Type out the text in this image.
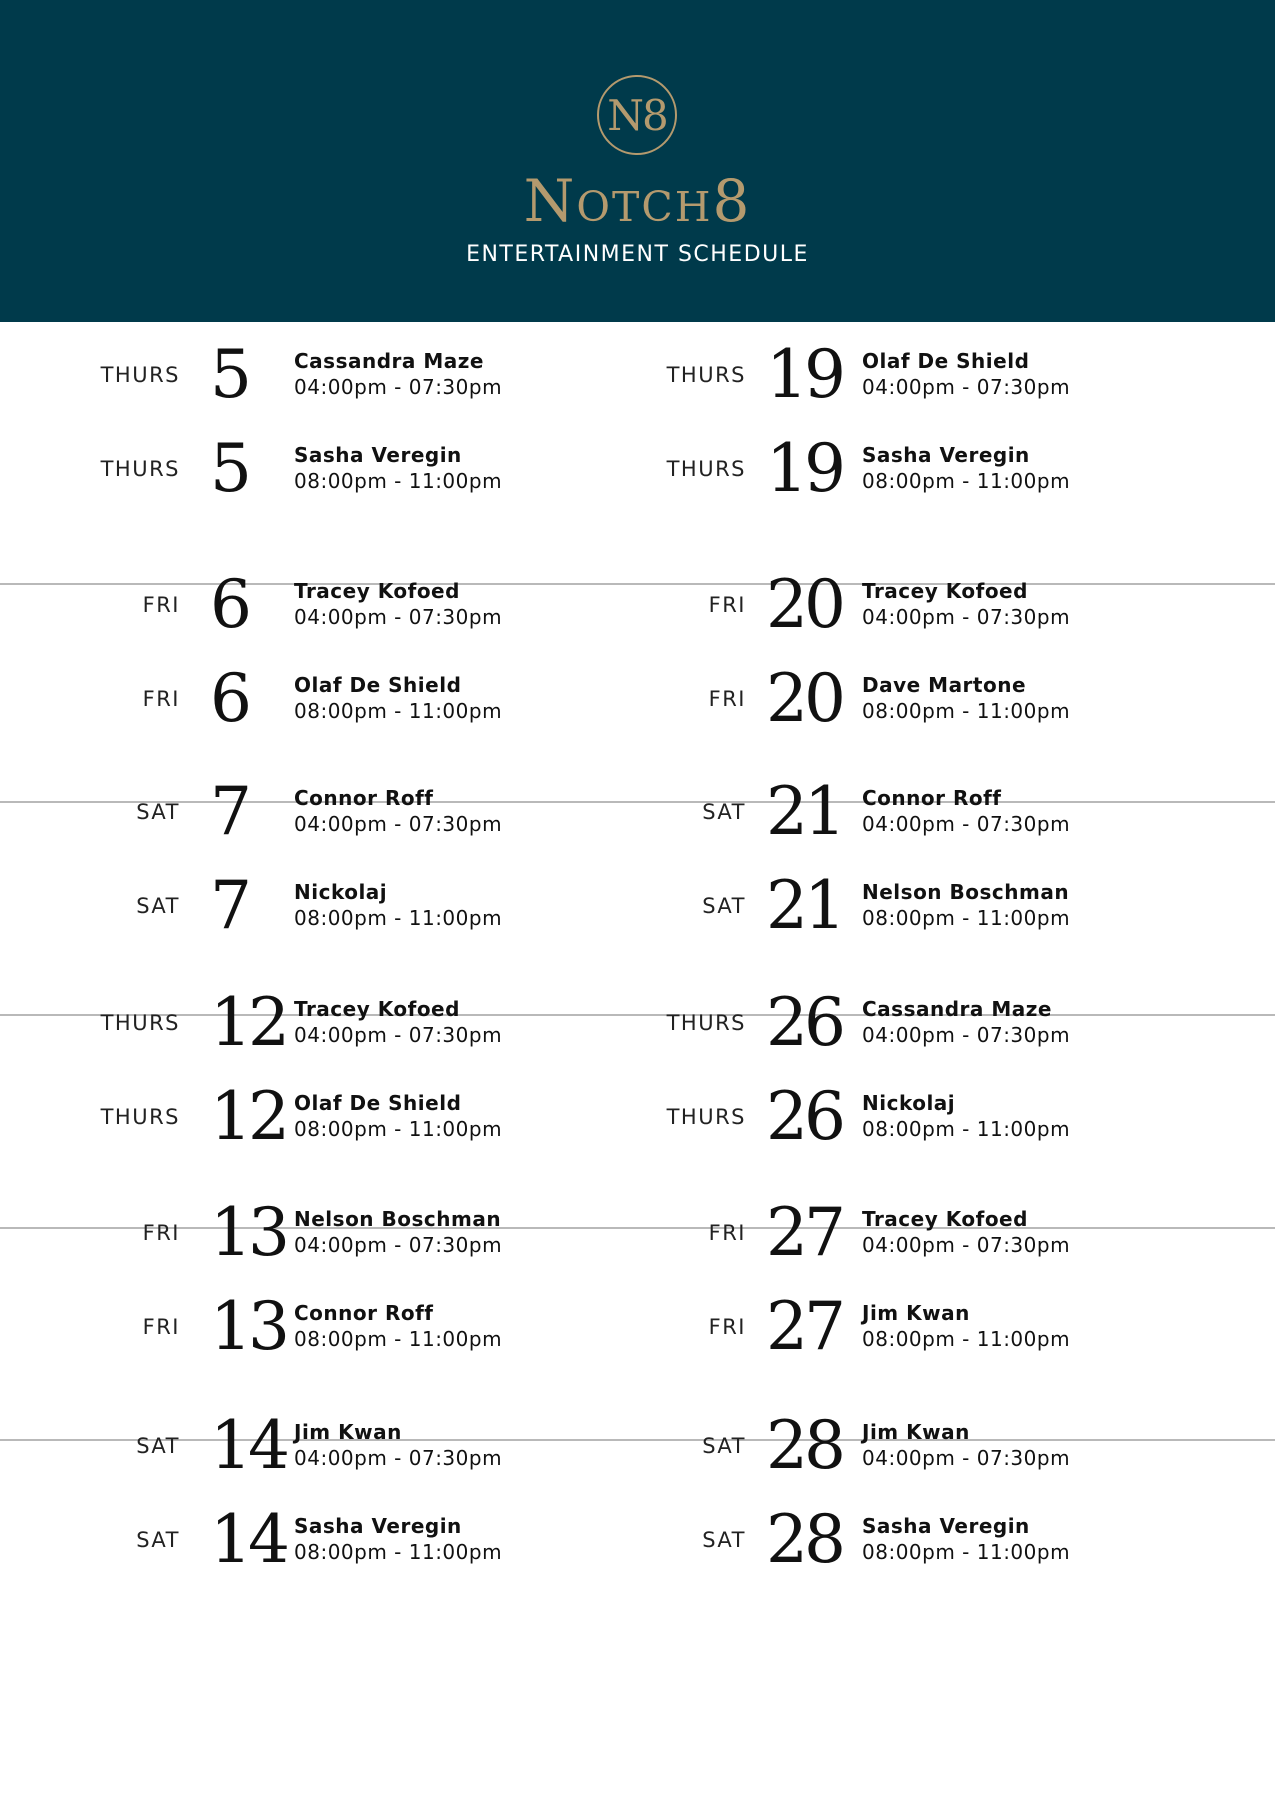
N8
Notch8
ENTERTAINMENT SCHEDULE
THURS 5 Cassandra Maze
04:00pm - 07:30pm
THURS 5 Sasha Veregin
08:00pm - 11:00pm
FRI 6 Tracey Kofoed
04:00pm - 07:30pm
FRI 6 Olaf De Shield
08:00pm - 11:00pm
SAT 7 Connor Roff
04:00pm - 07:30pm
SAT 7 Nickolaj
08:00pm - 11:00pm
THURS 12 Tracey Kofoed
04:00pm - 07:30pm
THURS 12 Olaf De Shield
08:00pm - 11:00pm
FRI 13 Nelson Boschman
04:00pm - 07:30pm
FRI 13 Connor Roff
08:00pm - 11:00pm
SAT 14 Jim Kwan
04:00pm - 07:30pm
SAT 14 Sasha Veregin
08:00pm - 11:00pm
THURS 19 Olaf De Shield
04:00pm - 07:30pm
THURS 19 Sasha Veregin
08:00pm - 11:00pm
FRI 20 Tracey Kofoed
04:00pm - 07:30pm
FRI 20 Dave Martone
08:00pm - 11:00pm
SAT 21 Connor Roff
04:00pm - 07:30pm
SAT 21 Nelson Boschman
08:00pm - 11:00pm
THURS 26 Cassandra Maze
04:00pm - 07:30pm
THURS 26 Nickolaj
08:00pm - 11:00pm
FRI 27 Tracey Kofoed
04:00pm - 07:30pm
FRI 27 Jim Kwan
08:00pm - 11:00pm
SAT 28 Jim Kwan
04:00pm - 07:30pm
SAT 28 Sasha Veregin
08:00pm - 11:00pm
